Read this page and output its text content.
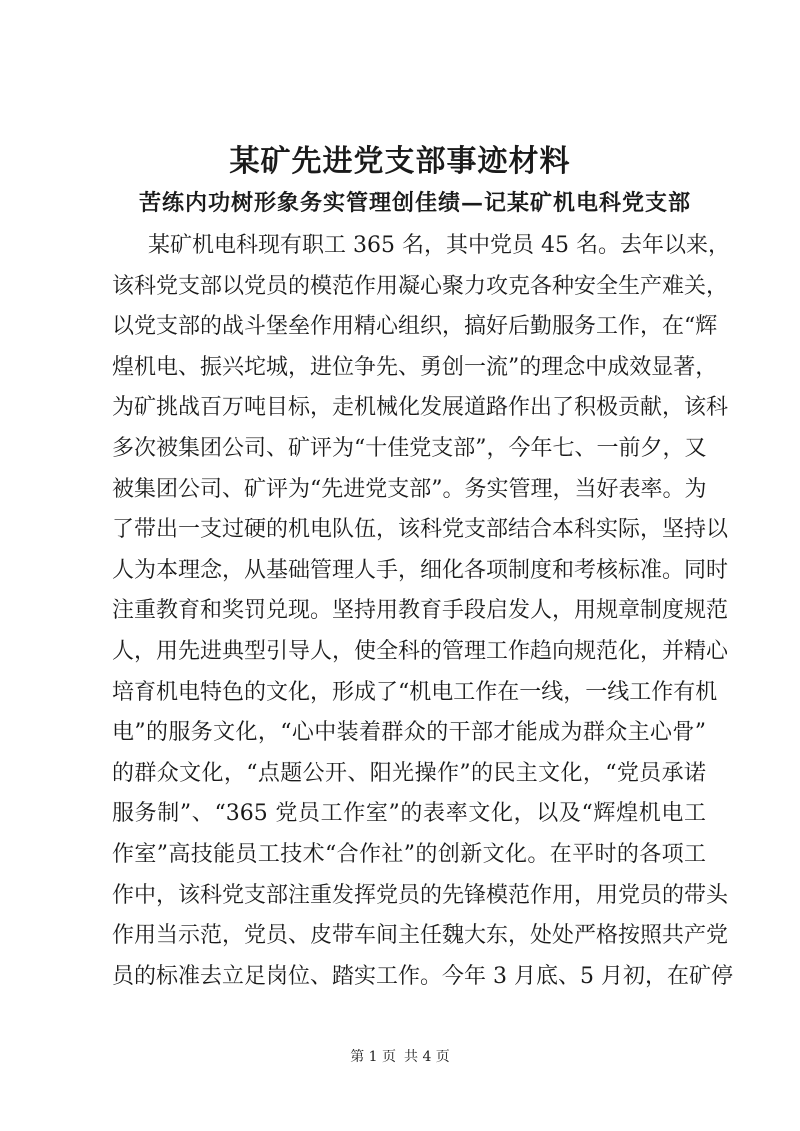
某矿先进党支部事迹材料
苦练内功树形象务实管理创佳绩—记某矿机电科党支部
某矿机电科现有职工 365 名，其中党员 45 名。去年以来，
该科党支部以党员的模范作用凝心聚力攻克各种安全生产难关，
以党支部的战斗堡垒作用精心组织，搞好后勤服务工作，在“辉
煌机电、振兴坨城，进位争先、勇创一流”的理念中成效显著，
为矿挑战百万吨目标，走机械化发展道路作出了积极贡献，该科
多次被集团公司、矿评为“十佳党支部”，今年七、一前夕，又
被集团公司、矿评为“先进党支部”。务实管理，当好表率。为
了带出一支过硬的机电队伍，该科党支部结合本科实际，坚持以
人为本理念，从基础管理人手，细化各项制度和考核标准。同时
注重教育和奖罚兑现。坚持用教育手段启发人，用规章制度规范
人，用先进典型引导人，使全科的管理工作趋向规范化，并精心
培育机电特色的文化，形成了“机电工作在一线，一线工作有机
电”的服务文化，“心中装着群众的干部才能成为群众主心骨”
的群众文化，“点题公开、阳光操作”的民主文化，“党员承诺
服务制”、“365 党员工作室”的表率文化，以及“辉煌机电工
作室”高技能员工技术“合作社”的创新文化。在平时的各项工
作中，该科党支部注重发挥党员的先锋模范作用，用党员的带头
作用当示范，党员、皮带车间主任魏大东，处处严格按照共产党
员的标准去立足岗位、踏实工作。今年 3 月底、5 月初，在矿停
第 1 页 共 4 页
